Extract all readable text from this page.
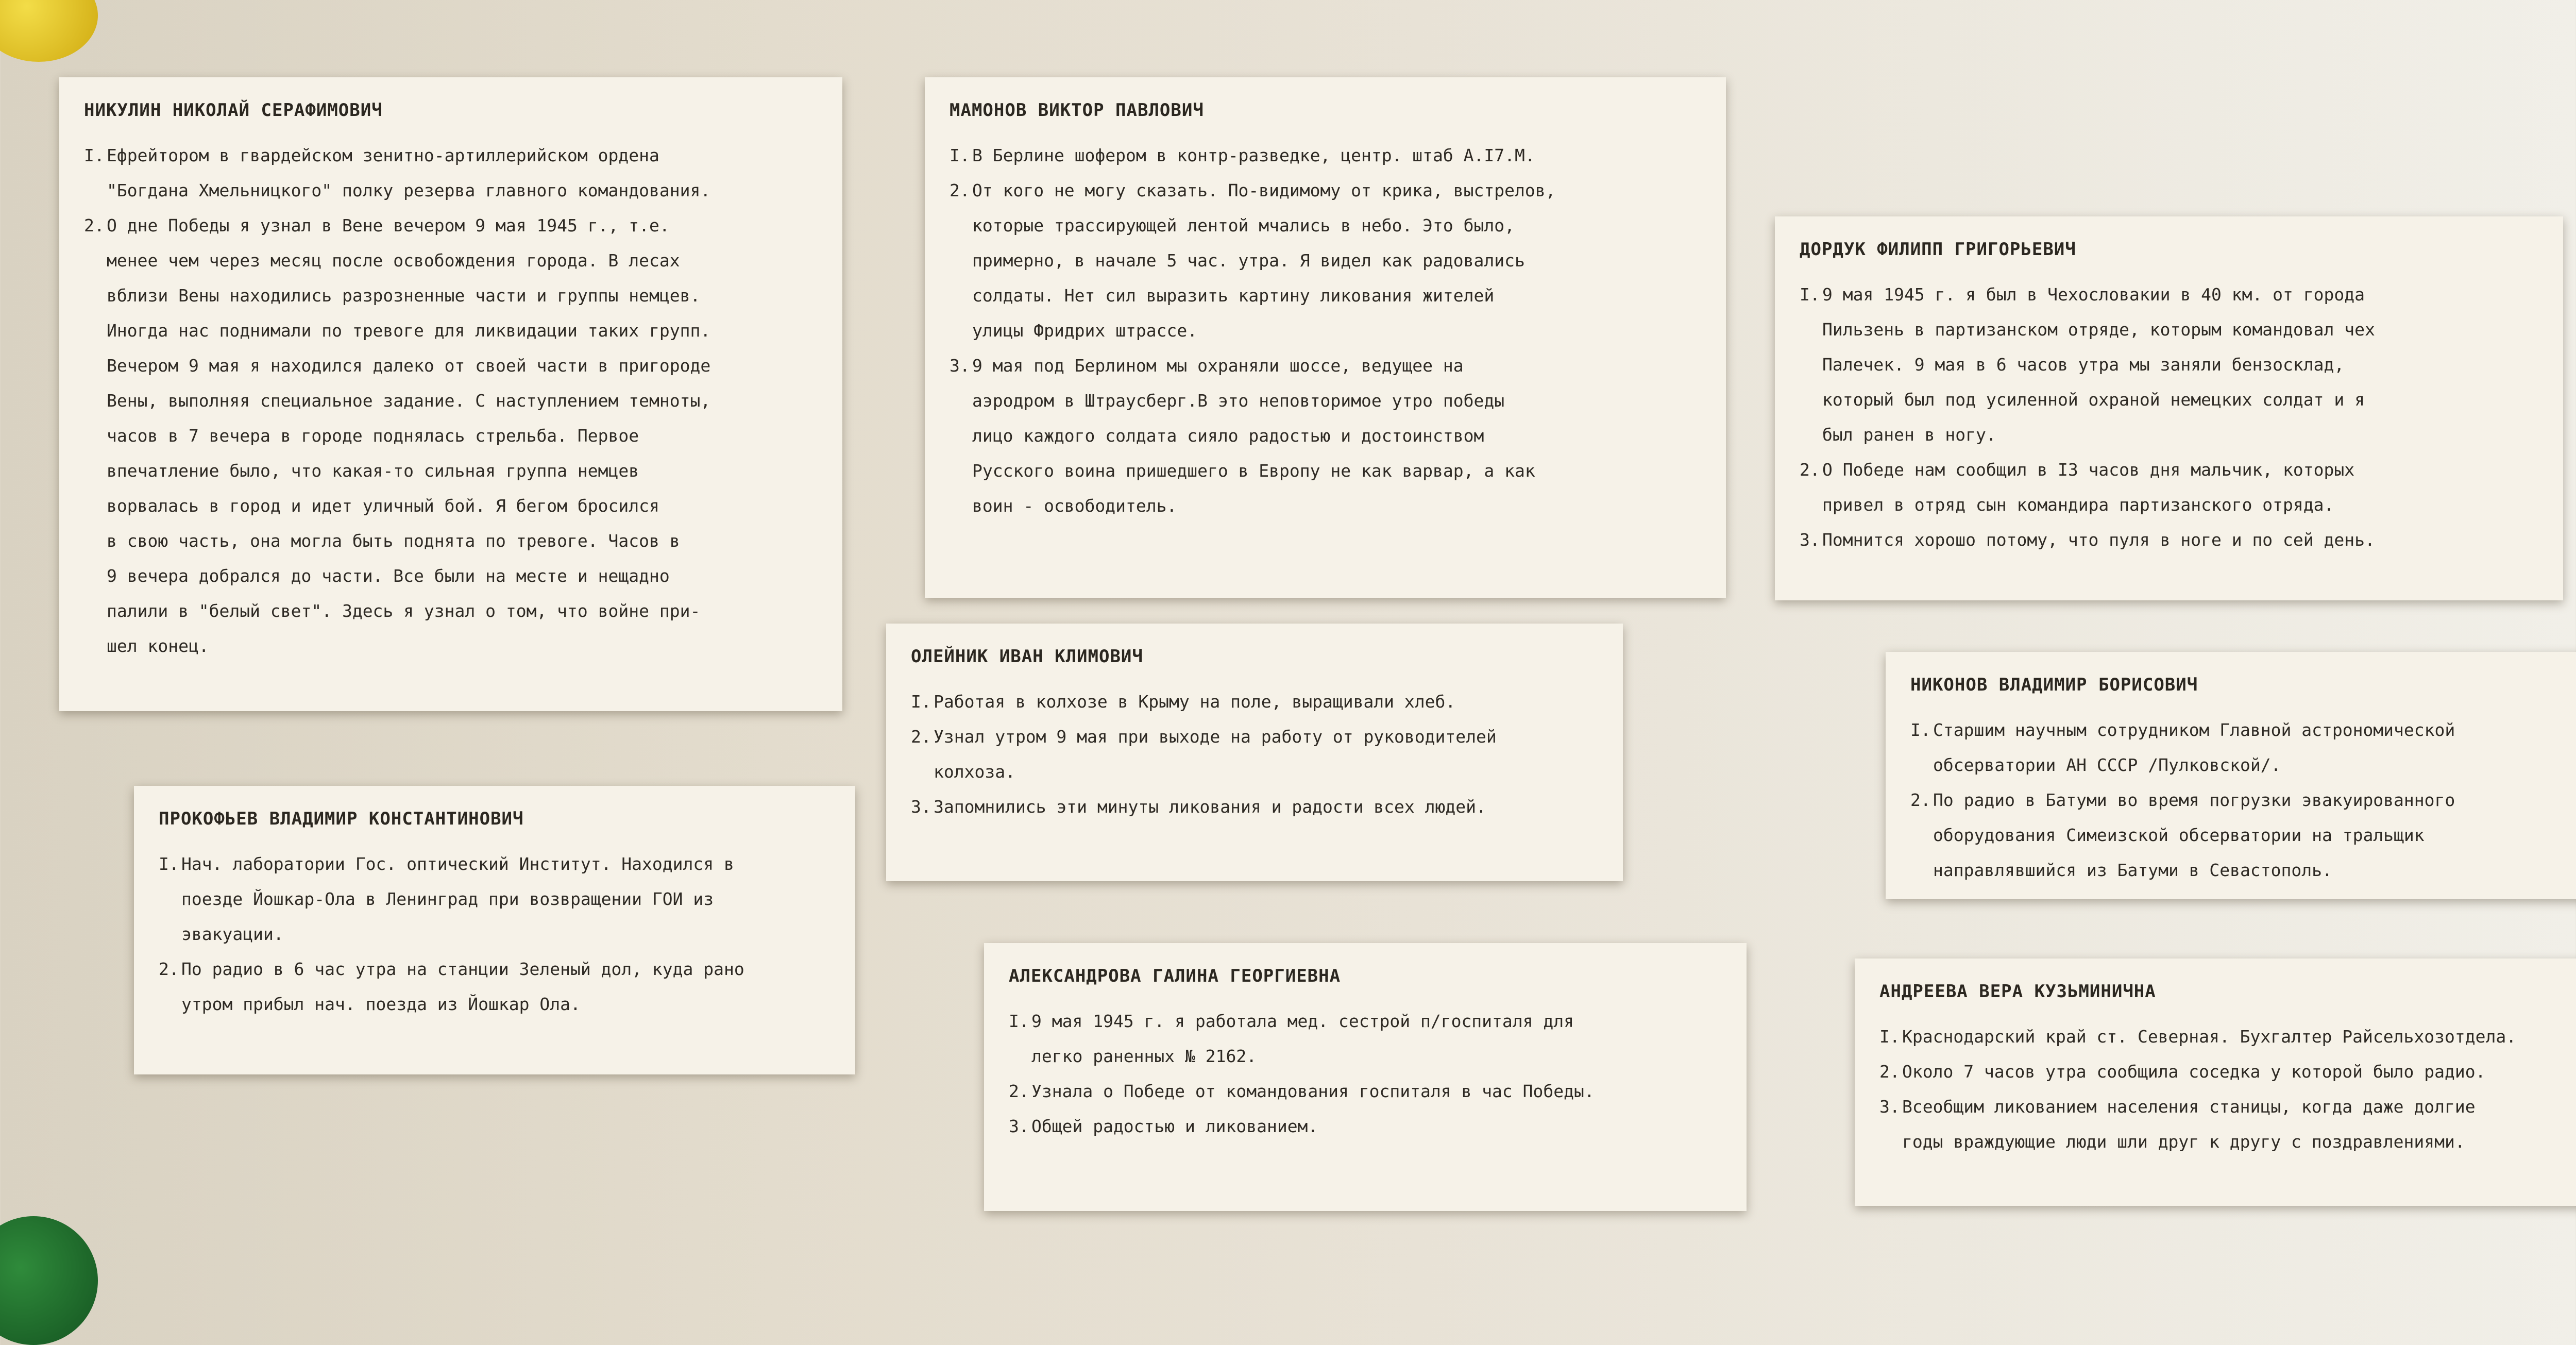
НИКУЛИН НИКОЛАЙ СЕРАФИМОВИЧ
I. Ефрейтором в гвардейском зенитно-артиллерийском ордена
"Богдана Хмельницкого" полку резерва главного командования.
2. О дне Победы я узнал в Вене вечером 9 мая 1945 г., т.е.
менее чем через месяц после освобождения города. В лесах
вблизи Вены находились разрозненные части и группы немцев.
Иногда нас поднимали по тревоге для ликвидации таких групп.
Вечером 9 мая я находился далеко от своей части в пригороде
Вены, выполняя специальное задание. С наступлением темноты,
часов в 7 вечера в городе поднялась стрельба. Первое
впечатление было, что какая-то сильная группа немцев
ворвалась в город и идет уличный бой. Я бегом бросился
в свою часть, она могла быть поднята по тревоге. Часов в
9 вечера добрался до части. Все были на месте и нещадно
палили в "белый свет". Здесь я узнал о том, что войне при-
шел конец.
МАМОНОВ ВИКТОР ПАВЛОВИЧ
I. В Берлине шофером в контр-разведке, центр. штаб А.I7.М.
2. От кого не могу сказать. По-видимому от крика, выстрелов,
которые трассирующей лентой мчались в небо. Это было,
примерно, в начале 5 час. утра. Я видел как радовались
солдаты. Нет сил выразить картину ликования жителей
улицы Фридрих штрассе.
3. 9 мая под Берлином мы охраняли шоссе, ведущее на
аэродром в Штраусберг.В это неповторимое утро победы
лицо каждого солдата сияло радостью и достоинством
Русского воина пришедшего в Европу не как варвар, а как
воин - освободитель.
ДОРДУК ФИЛИПП ГРИГОРЬЕВИЧ
I. 9 мая 1945 г. я был в Чехословакии в 40 км. от города
Пильзень в партизанском отряде, которым командовал чех
Палечек. 9 мая в 6 часов утра мы заняли бензосклад,
который был под усиленной охраной немецких солдат и я
был ранен в ногу.
2. О Победе нам сообщил в I3 часов дня мальчик, которых
привел в отряд сын командира партизанского отряда.
3. Помнится хорошо потому, что пуля в ноге и по сей день.
ОЛЕЙНИК ИВАН КЛИМОВИЧ
I. Работая в колхозе в Крыму на поле, выращивали хлеб.
2. Узнал утром 9 мая при выходе на работу от руководителей
колхоза.
3. Запомнились эти минуты ликования и радости всех людей.
НИКОНОВ ВЛАДИМИР БОРИСОВИЧ
I. Старшим научным сотрудником Главной астрономической
обсерватории АН СССР /Пулковской/.
2. По радио в Батуми во время погрузки эвакуированного
оборудования Симеизской обсерватории на тральщик
направлявшийся из Батуми в Севастополь.
ПРОКОФЬЕВ ВЛАДИМИР КОНСТАНТИНОВИЧ
I. Нач. лаборатории Гос. оптический Институт. Находился в
поезде Йошкар-Ола в Ленинград при возвращении ГОИ из
эвакуации.
2. По радио в 6 час утра на станции Зеленый дол, куда рано
утром прибыл нач. поезда из Йошкар Ола.
АЛЕКСАНДРОВА ГАЛИНА ГЕОРГИЕВНА
I. 9 мая 1945 г. я работала мед. сестрой п/госпиталя для
легко раненных № 2162.
2. Узнала о Победе от командования госпиталя в час Победы.
3. Общей радостью и ликованием.
АНДРЕЕВА ВЕРА КУЗЬМИНИЧНА
I. Краснодарский край ст. Северная. Бухгалтер Райсельхозотдела.
2. Около 7 часов утра сообщила соседка у которой было радио.
3. Всеобщим ликованием населения станицы, когда даже долгие
годы враждующие люди шли друг к другу с поздравлениями.
